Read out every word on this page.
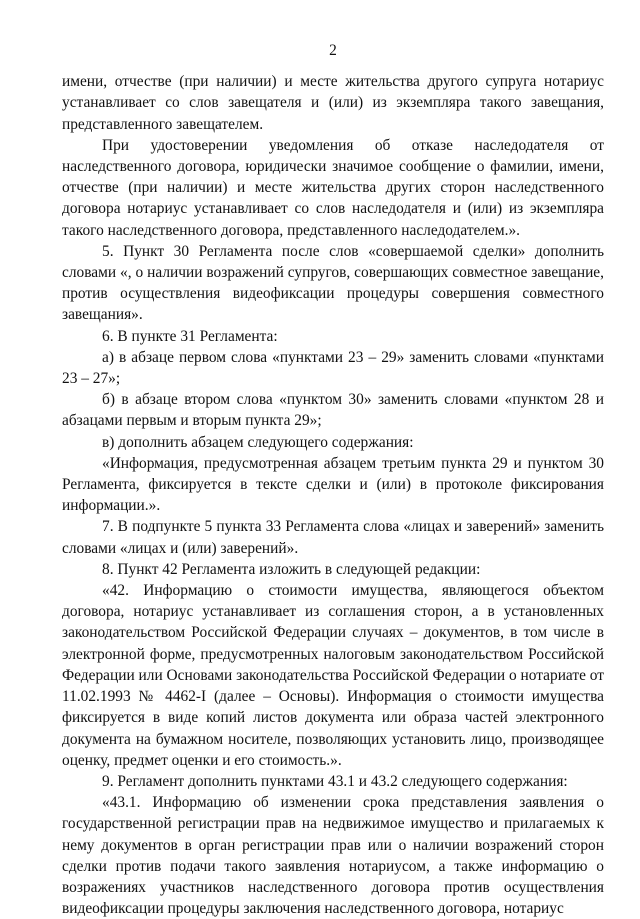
2

имени, отчестве (при наличии) и месте жительства другого супруга нотариус устанавливает со слов завещателя и (или) из экземпляра такого завещания, представленного завещателем.

При удостоверении уведомления об отказе наследодателя от наследственного договора, юридически значимое сообщение о фамилии, имени, отчестве (при наличии) и месте жительства других сторон наследственного договора нотариус устанавливает со слов наследодателя и (или) из экземпляра такого наследственного договора, представленного наследодателем.».

5. Пункт 30 Регламента после слов «совершаемой сделки» дополнить словами «, о наличии возражений супругов, совершающих совместное завещание, против осуществления видеофиксации процедуры совершения совместного завещания».

6. В пункте 31 Регламента:

а) в абзаце первом слова «пунктами 23 – 29» заменить словами «пунктами 23 – 27»;

б) в абзаце втором слова «пунктом 30» заменить словами «пунктом 28 и абзацами первым и вторым пункта 29»;

в) дополнить абзацем следующего содержания:

«Информация, предусмотренная абзацем третьим пункта 29 и пунктом 30 Регламента, фиксируется в тексте сделки и (или) в протоколе фиксирования информации.».

7. В подпункте 5 пункта 33 Регламента слова «лицах и заверений» заменить словами «лицах и (или) заверений».

8. Пункт 42 Регламента изложить в следующей редакции:

«42. Информацию о стоимости имущества, являющегося объектом договора, нотариус устанавливает из соглашения сторон, а в установленных законодательством Российской Федерации случаях – документов, в том числе в электронной форме, предусмотренных налоговым законодательством Российской Федерации или Основами законодательства Российской Федерации о нотариате от 11.02.1993 № 4462-I (далее – Основы). Информация о стоимости имущества фиксируется в виде копий листов документа или образа частей электронного документа на бумажном носителе, позволяющих установить лицо, производящее оценку, предмет оценки и его стоимость.».

9. Регламент дополнить пунктами 43.1 и 43.2 следующего содержания:

«43.1. Информацию об изменении срока представления заявления о государственной регистрации прав на недвижимое имущество и прилагаемых к нему документов в орган регистрации прав или о наличии возражений сторон сделки против подачи такого заявления нотариусом, а также информацию о возражениях участников наследственного договора против осуществления видеофиксации процедуры заключения наследственного договора, нотариус
